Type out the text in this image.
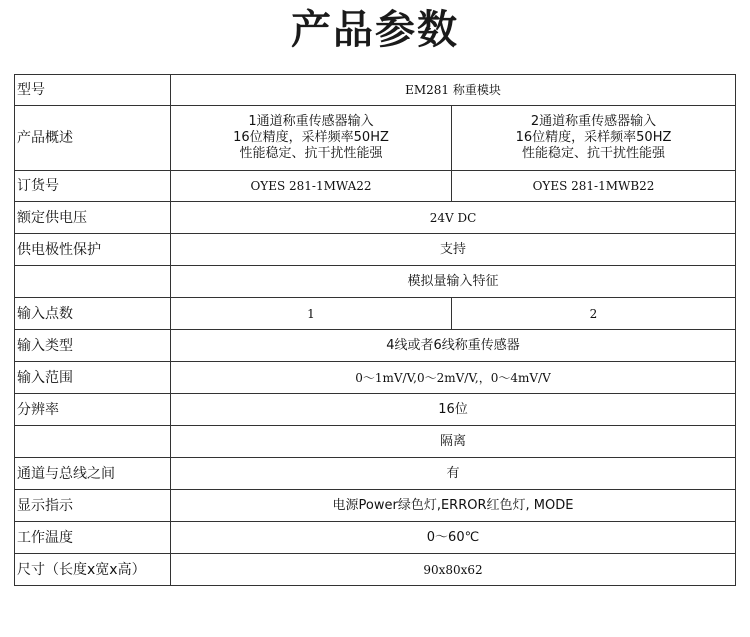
产品参数
型号	EM281 称重模块	
产品概述	1通道称重传感器输入
16位精度，采样频率50HZ
性能稳定、抗干扰性能强	2通道称重传感器输入
16位精度，采样频率50HZ
性能稳定、抗干扰性能强

订货号	OYES 281-1MWA22	OYES 281-1MWB22
额定供电压	24V DC	
供电极性保护	支持	
	模拟量输入特征	
输入点数	1	2
输入类型	4线或者6线称重传感器	
输入范围	0～1mV/V,0～2mV/V,，0～4mV/V	
分辨率	16位	
	隔离	
通道与总线之间	有	
显示指示	电源Power绿色灯,ERROR红色灯, MODE	
工作温度	0～60℃	
尺寸（长度x宽x高）	90x80x62	
